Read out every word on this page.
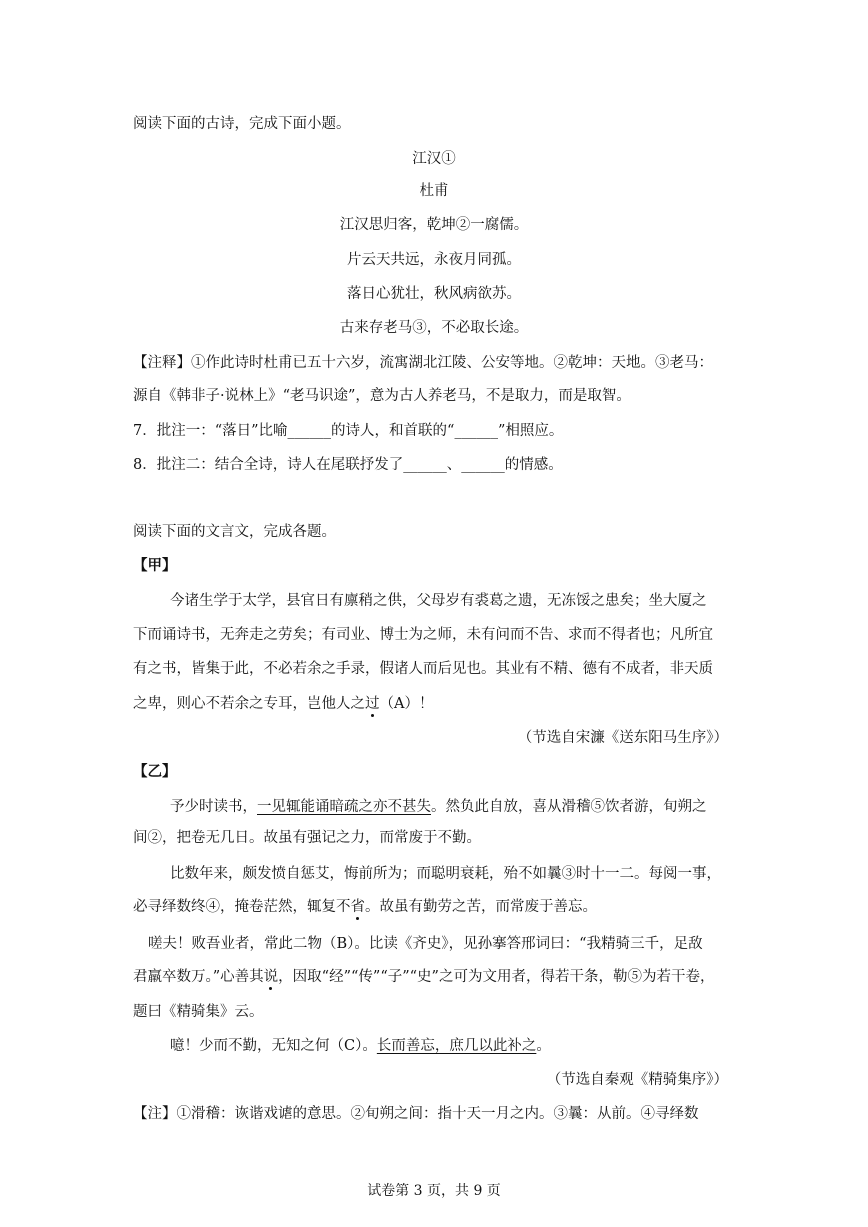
阅读下面的古诗，完成下面小题。
江汉①
杜甫
江汉思归客，乾坤②一腐儒。
片云天共远，永夜月同孤。
落日心犹壮，秋风病欲苏。
古来存老马③，不必取长途。
【注释】①作此诗时杜甫已五十六岁，流寓湖北江陵、公安等地。②乾坤：天地。③老马：
源自《韩非子·说林上》“老马识途”，意为古人养老马，不是取力，而是取智。
7．批注一：“落日”比喻______的诗人，和首联的“______”相照应。
8．批注二：结合全诗，诗人在尾联抒发了______、______的情感。
阅读下面的文言文，完成各题。
【甲】
今诸生学于太学，县官日有廪稍之供，父母岁有裘葛之遗，无冻馁之患矣；坐大厦之
下而诵诗书，无奔走之劳矣；有司业、博士为之师，未有问而不告、求而不得者也；凡所宜
有之书，皆集于此，不必若余之手录，假诸人而后见也。其业有不精、德有不成者，非天质
之卑，则心不若余之专耳，岂他人之过（A）！
（节选自宋濂《送东阳马生序》）
【乙】
予少时读书，一见辄能诵暗疏之亦不甚失。然负此自放，喜从滑稽⑤饮者游，旬朔之
间②，把卷无几日。故虽有强记之力，而常废于不勤。
比数年来，颇发愤自惩艾，悔前所为；而聪明衰耗，殆不如曩③时十一二。每阅一事，
必寻绎数终④，掩卷茫然，辄复不省。故虽有勤劳之苦，而常废于善忘。
嗟夫！败吾业者，常此二物（B）。比读《齐史》，见孙搴答邢词曰：“我精骑三千，足敌
君羸卒数万。”心善其说，因取“经”“传”“子”“史”之可为文用者，得若干条，勒⑤为若干卷，
题曰《精骑集》云。
噫！少而不勤，无知之何（C）。长而善忘，庶几以此补之。
（节选自秦观《精骑集序》）
【注】①滑稽：诙谐戏谑的意思。②旬朔之间：指十天一月之内。③曩：从前。④寻绎数
试卷第 3 页，共 9 页
